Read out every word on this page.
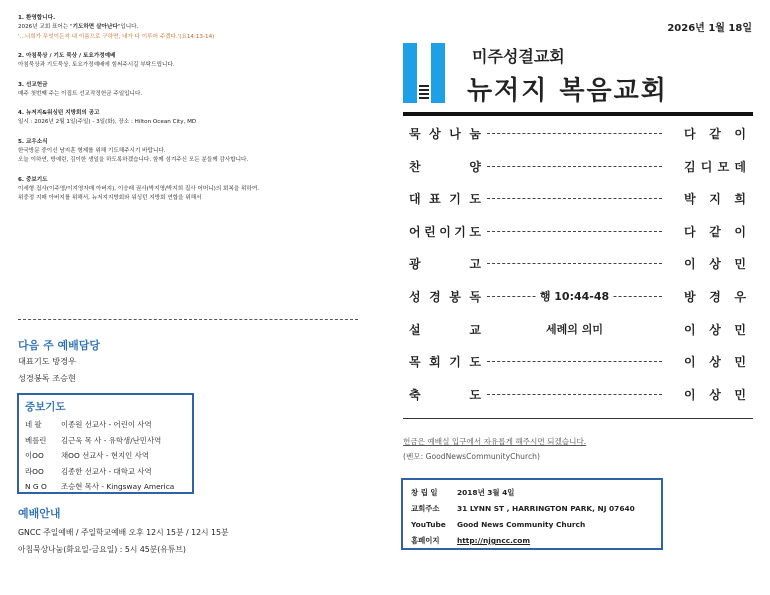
1. 환영합니다.
2026년 교회 표어는 "기도하면 살아난다"입니다.
'...너희가 무엇이든지 내 이름으로 구하면, 내가 다 이루어 주겠다.'(요14:13-14)
2. 아침묵상 / 기도 묵상 / 토요가정예배
아침묵상과 기도묵상, 토요가정예배에 힘써주시길 부탁드립니다.
3. 선교헌금
매주 첫번째 주는 이집트 선교작정헌금 주일입니다.
4. 뉴저지&워싱턴 지방회의 공고
일시 : 2026년 2월 1일(주일) - 3일(화), 장소 : Hilton Ocean City, MD
5. 교우소식
한국방문 중이신 남지훈 형제를 위해 기도해주시기 바랍니다.
오늘 이하연, 방예린, 김이한 생일을 하도록하겠습니다. 함께 섬겨주신 모든 분들께 감사합니다.
6. 중보기도
이세형 집사(이주영/이지영자매 아버지), 이승래 권사(박지영/박지희 집사 어머니)의 회복을 위하여.
위중정 지매 아버지를 위해서, 뉴저지지방회와 워싱턴 지방회 연합을 위해서
다음 주 예배담당
대표기도 방경우
성경봉독 조승현
중보기도
네 팔	이종원 선교사 - 어린이 사역
베를린 김근욱 목 사 - 유학생/난민사역
이OO 채OO 선교사 - 현지인 사역
라OO 김종한 선교사 - 대학교 사역
N G O 조승현 목사 - Kingsway America
예배안내
GNCC 주일예배 / 주일학교예배 오후 12시 15분 / 12시 15분
아침묵상나눔(화요일-금요일) : 5시 45분(유튜브)
2026년 1월 18일
미주성결교회
뉴저지 복음교회
묵 상 나 눔	다 같 이
찬	양	김 디 모 데
대 표 기 도	박 지 희
어 린 이 기 도	다 같 이
광	고	이 상 민
성 경 봉 독	행 10:44-48	방 경 우
설	교	세례의 의미	이 상 민
목 회 기 도	이 상 민
축	도	이 상 민
헌금은 예배실 입구에서 자유롭게 해주시면 되겠습니다.
(벤모: GoodNewsCommunityChurch)
창 립 일	2018년 3월 4일
교회주소 31 LYNN ST , HARRINGTON PARK, NJ 07640
YouTube Good News Community Church
홈페이지 http://njgncc.com
